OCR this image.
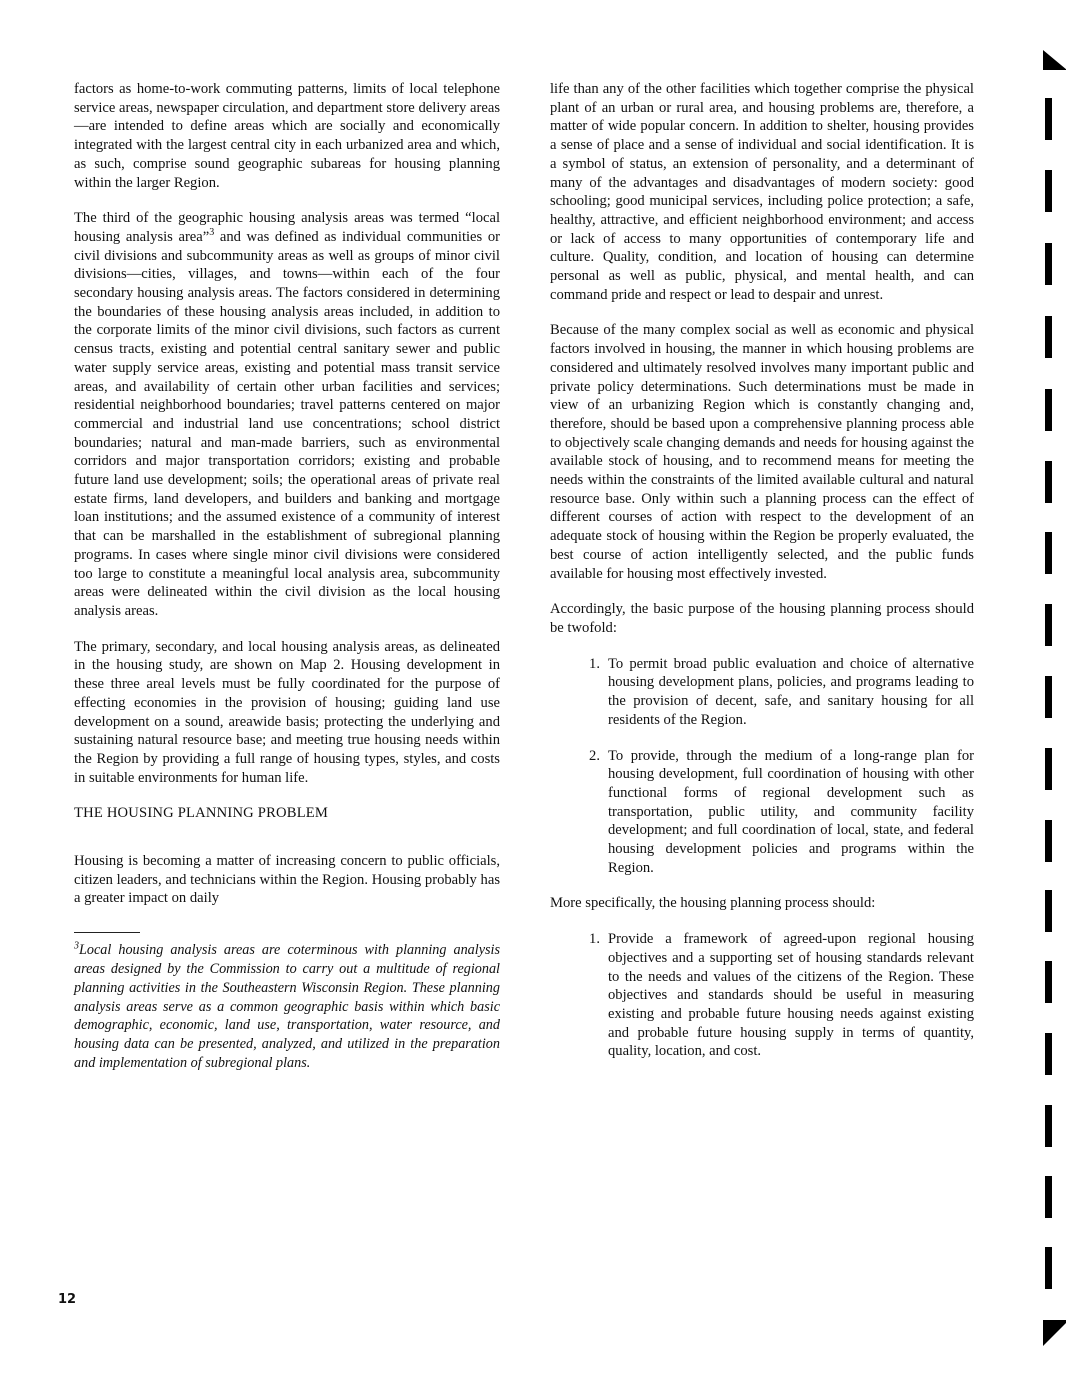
factors as home-to-work commuting patterns, limits of local telephone service areas, newspaper circulation, and department store delivery areas—are intended to define areas which are socially and economically integrated with the largest central city in each urbanized area and which, as such, comprise sound geographic subareas for housing planning within the larger Region.

The third of the geographic housing analysis areas was termed “local housing analysis area”$^3$ and was defined as individual communities or civil divisions and subcommunity areas as well as groups of minor civil divisions—cities, villages, and towns—within each of the four secondary housing analysis areas. The factors considered in determining the boundaries of these housing analysis areas included, in addition to the corporate limits of the minor civil divisions, such factors as current census tracts, existing and potential central sanitary sewer and public water supply service areas, existing and potential mass transit service areas, and availability of certain other urban facilities and services; residential neighborhood boundaries; travel patterns centered on major commercial and industrial land use concentrations; school district boundaries; natural and man-made barriers, such as environmental corridors and major transportation corridors; existing and probable future land use development; soils; the operational areas of private real estate firms, land developers, and builders and banking and mortgage loan institutions; and the assumed existence of a community of interest that can be marshalled in the establishment of subregional planning programs. In cases where single minor civil divisions were considered too large to constitute a meaningful local analysis area, subcommunity areas were delineated within the civil division as the local housing analysis areas.

The primary, secondary, and local housing analysis areas, as delineated in the housing study, are shown on Map 2. Housing development in these three areal levels must be fully coordinated for the purpose of effecting economies in the provision of housing; guiding land use development on a sound, areawide basis; protecting the underlying and sustaining natural resource base; and meeting true housing needs within the Region by providing a full range of housing types, styles, and costs in suitable environments for human life.

THE HOUSING PLANNING PROBLEM

Housing is becoming a matter of increasing concern to public officials, citizen leaders, and technicians within the Region. Housing probably has a greater impact on daily

$^3$Local housing analysis areas are coterminous with planning analysis areas designed by the Commission to carry out a multitude of regional planning activities in the Southeastern Wisconsin Region. These planning analysis areas serve as a common geographic basis within which basic demographic, economic, land use, transportation, water resource, and housing data can be presented, analyzed, and utilized in the preparation and implementation of subregional plans.

life than any of the other facilities which together comprise the physical plant of an urban or rural area, and housing problems are, therefore, a matter of wide popular concern. In addition to shelter, housing provides a sense of place and a sense of individual and social identification. It is a symbol of status, an extension of personality, and a determinant of many of the advantages and disadvantages of modern society: good schooling; good municipal services, including police protection; a safe, healthy, attractive, and efficient neighborhood environment; and access or lack of access to many opportunities of contemporary life and culture. Quality, condition, and location of housing can determine personal as well as public, physical, and mental health, and can command pride and respect or lead to despair and unrest.

Because of the many complex social as well as economic and physical factors involved in housing, the manner in which housing problems are considered and ultimately resolved involves many important public and private policy determinations. Such determinations must be made in view of an urbanizing Region which is constantly changing and, therefore, should be based upon a comprehensive planning process able to objectively scale changing demands and needs for housing against the available stock of housing, and to recommend means for meeting the needs within the constraints of the limited available cultural and natural resource base. Only within such a planning process can the effect of different courses of action with respect to the development of an adequate stock of housing within the Region be properly evaluated, the best course of action intelligently selected, and the public funds available for housing most effectively invested.

Accordingly, the basic purpose of the housing planning process should be twofold:

1. To permit broad public evaluation and choice of alternative housing development plans, policies, and programs leading to the provision of decent, safe, and sanitary housing for all residents of the Region.
2. To provide, through the medium of a long-range plan for housing development, full coordination of housing with other functional forms of regional development such as transportation, public utility, and community facility development; and full coordination of local, state, and federal housing development policies and programs within the Region.

More specifically, the housing planning process should:

1. Provide a framework of agreed-upon regional housing objectives and a supporting set of housing standards relevant to the needs and values of the citizens of the Region. These objectives and standards should be useful in measuring existing and probable future housing needs against existing and probable future housing supply in terms of quantity, quality, location, and cost.
12
